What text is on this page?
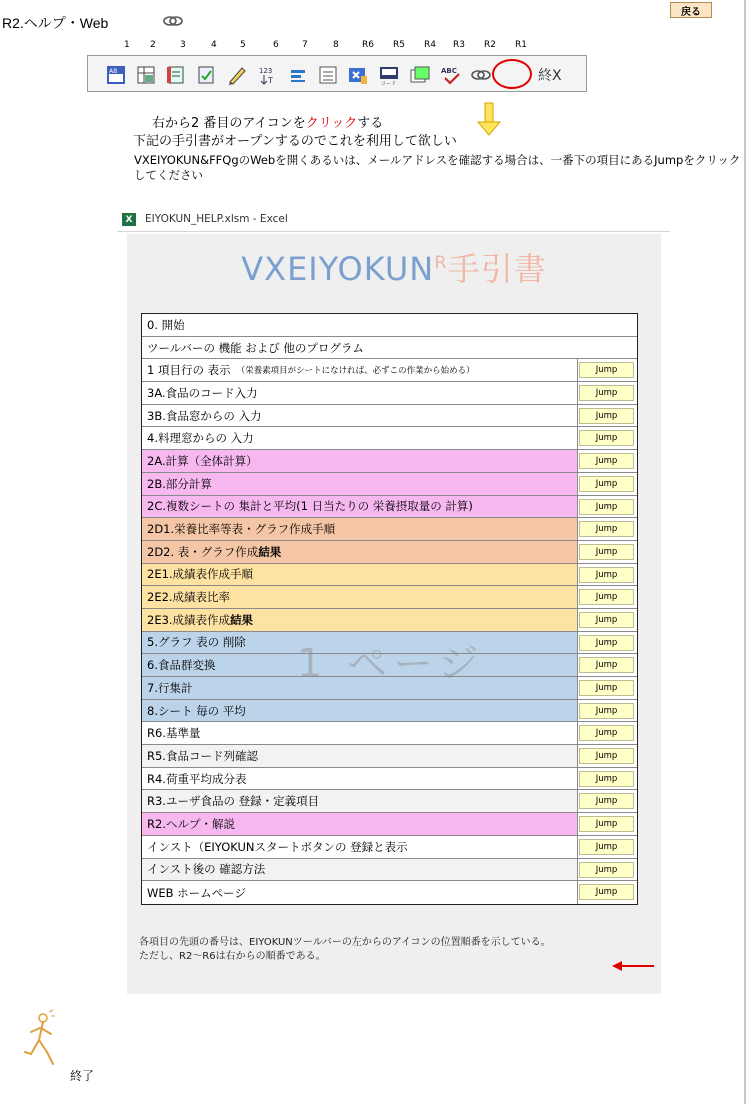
戻る
R2.ヘルプ・Web
1 2	3	4	5	6	7	8	R6 R5 R4 R3 R2 R1
終X
AB	123
T	コード
ABC
右から2 番目のアイコンをクリックする
下記の手引書がオープンするのでこれを利用して欲しい
VXEIYOKUN&FFQgのWebを開くあるいは、メールアドレスを確認する場合は、一番下の項目にあるJumpをクリックしてください
X	EIYOKUN_HELP.xlsm - Excel
$VXEIYOKUN^R$手引書
0. 開始
ツールバーの 機能 および 他のプログラム
1 項目行の 表示 （栄養素項目がシートになければ、必ずこの作業から始める）	Jump
3A.食品のコード入力	Jump
3B.食品窓からの 入力	Jump
4.料理窓からの 入力	Jump
2A.計算（全体計算）	Jump
2B.部分計算	Jump
2C.複数シートの 集計と平均(1 日当たりの 栄養摂取量の 計算)	Jump
2D1.栄養比率等表・グラフ作成手順	Jump
2D2. 表・グラフ作成 結果	Jump
2E1.成績表作成手順	Jump
2E2.成績表比率	Jump
2E3.成績表作成 結果	Jump
5.グラフ 表の 削除	Jump
6.食品群変換	Jump
7.行集計	Jump
8.シート 毎の 平均	Jump
R6.基準量	Jump
R5.食品コード列確認	Jump
R4.荷重平均成分表	Jump
R3.ユーザ食品の 登録・定義項目	Jump
R2.ヘルプ・解説	Jump
インスト（EIYOKUNスタートボタンの 登録と表示	Jump
インスト後の 確認方法	Jump
WEB ホームページ	Jump
1 ページ
各項目の先頭の番号は、EIYOKUNツールバーの左からのアイコンの位置順番を示している。
ただし、R2～R6は右からの順番である。
終了
